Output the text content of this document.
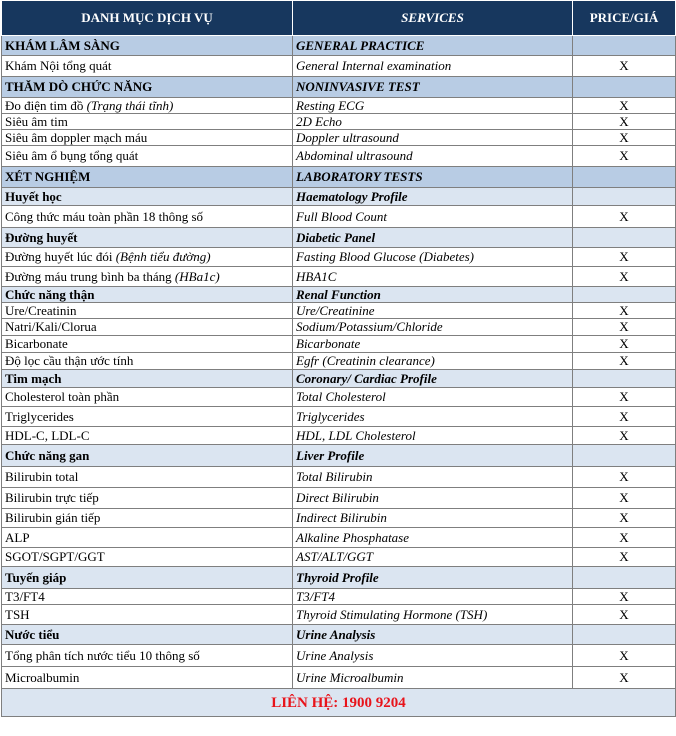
DANH MỤC DỊCH VỤ	SERVICES	PRICE/GIÁ
KHÁM LÂM SÀNG	GENERAL PRACTICE	
Khám Nội tổng quát	General Internal examination	X
THĂM DÒ CHỨC NĂNG	NONINVASIVE TEST	
Đo điện tim đồ (Trạng thái tĩnh)	Resting ECG	X
Siêu âm tim	2D Echo	X
Siêu âm doppler mạch máu	Doppler ultrasound	X
Siêu âm ổ bụng tổng quát	Abdominal ultrasound	X
XÉT NGHIỆM	LABORATORY TESTS	
Huyết học	Haematology Profile	
Công thức máu toàn phần 18 thông số	Full Blood Count	X
Đường huyết	Diabetic Panel	
Đường huyết lúc đói (Bệnh tiểu đường)	Fasting Blood Glucose (Diabetes)	X
Đường máu trung bình ba tháng (HBa1c)	HBA1C	X
Chức năng thận	Renal Function	
Ure/Creatinin	Ure/Creatinine	X
Natri/Kali/Clorua	Sodium/Potassium/Chloride	X
Bicarbonate	Bicarbonate	X
Độ lọc cầu thận ước tính	Egfr (Creatinin clearance)	X
Tim mạch	Coronary/ Cardiac Profile	
Cholesterol toàn phần	Total Cholesterol	X
Triglycerides	Triglycerides	X
HDL-C, LDL-C	HDL, LDL Cholesterol	X
Chức năng gan	Liver Profile	
Bilirubin total	Total Bilirubin	X
Bilirubin trực tiếp	Direct Bilirubin	X
Bilirubin gián tiếp	Indirect Bilirubin	X
ALP	Alkaline Phosphatase	X
SGOT/SGPT/GGT	AST/ALT/GGT	X
Tuyến giáp	Thyroid Profile	
T3/FT4	T3/FT4	X
TSH	Thyroid Stimulating Hormone (TSH)	X
Nước tiểu	Urine Analysis	
Tổng phân tích nước tiểu 10 thông số	Urine Analysis	X
Microalbumin	Urine Microalbumin	X
LIÊN HỆ: 1900 9204		
